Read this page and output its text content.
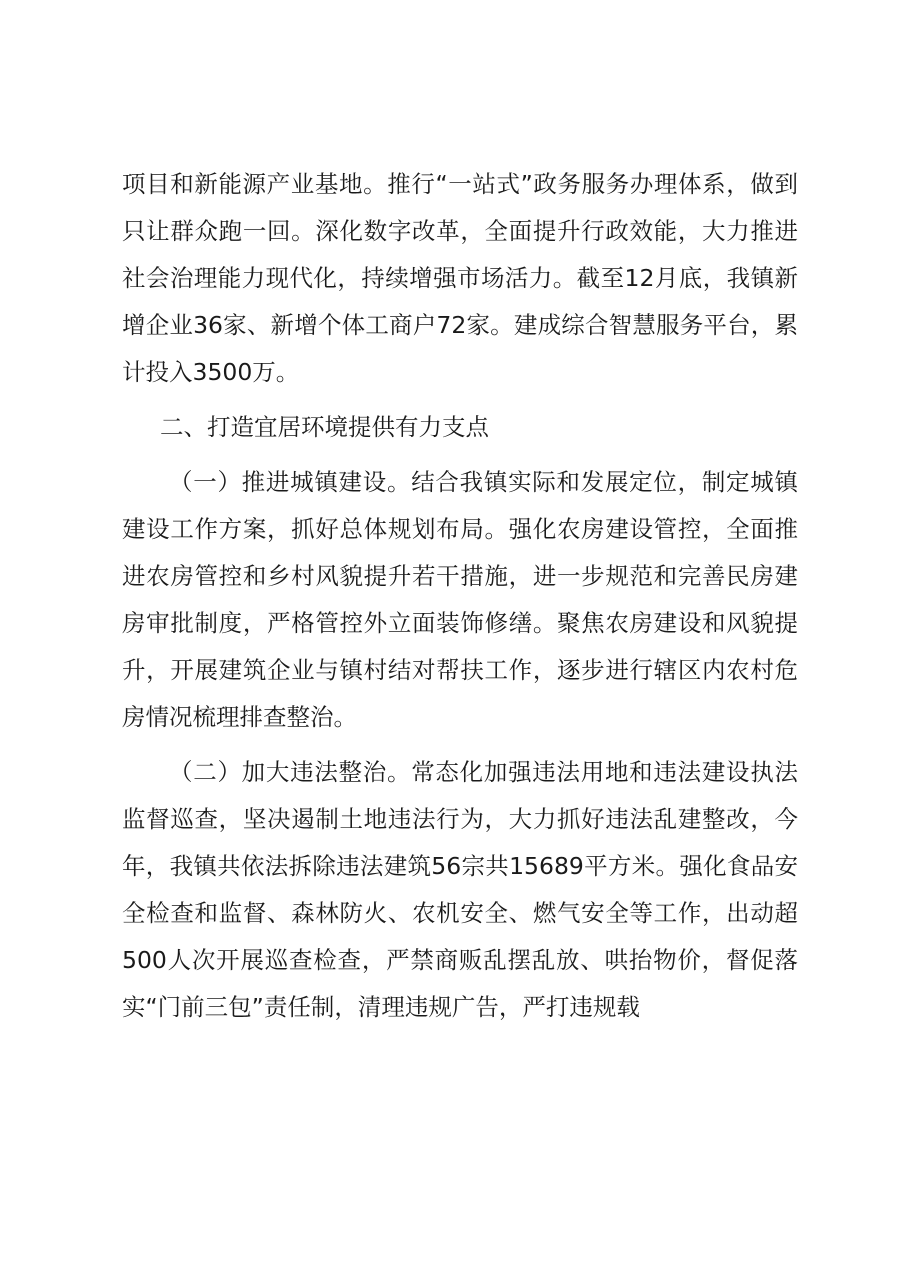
项目和新能源产业基地。推行“一站式”政务服务办理体系，做到只让群众跑一回。深化数字改革，全面提升行政效能，大力推进社会治理能力现代化，持续增强市场活力。截至12月底，我镇新增企业36家、新增个体工商户72家。建成综合智慧服务平台，累计投入3500万。

二、打造宜居环境提供有力支点

（一）推进城镇建设。结合我镇实际和发展定位，制定城镇建设工作方案，抓好总体规划布局。强化农房建设管控，全面推进农房管控和乡村风貌提升若干措施，进一步规范和完善民房建房审批制度，严格管控外立面装饰修缮。聚焦农房建设和风貌提升，开展建筑企业与镇村结对帮扶工作，逐步进行辖区内农村危房情况梳理排查整治。

（二）加大违法整治。常态化加强违法用地和违法建设执法监督巡查，坚决遏制土地违法行为，大力抓好违法乱建整改，今年，我镇共依法拆除违法建筑56宗共15689平方米。强化食品安全检查和监督、森林防火、农机安全、燃气安全等工作，出动超500人次开展巡查检查，严禁商贩乱摆乱放、哄抬物价，督促落实“门前三包”责任制，清理违规广告，严打违规载
